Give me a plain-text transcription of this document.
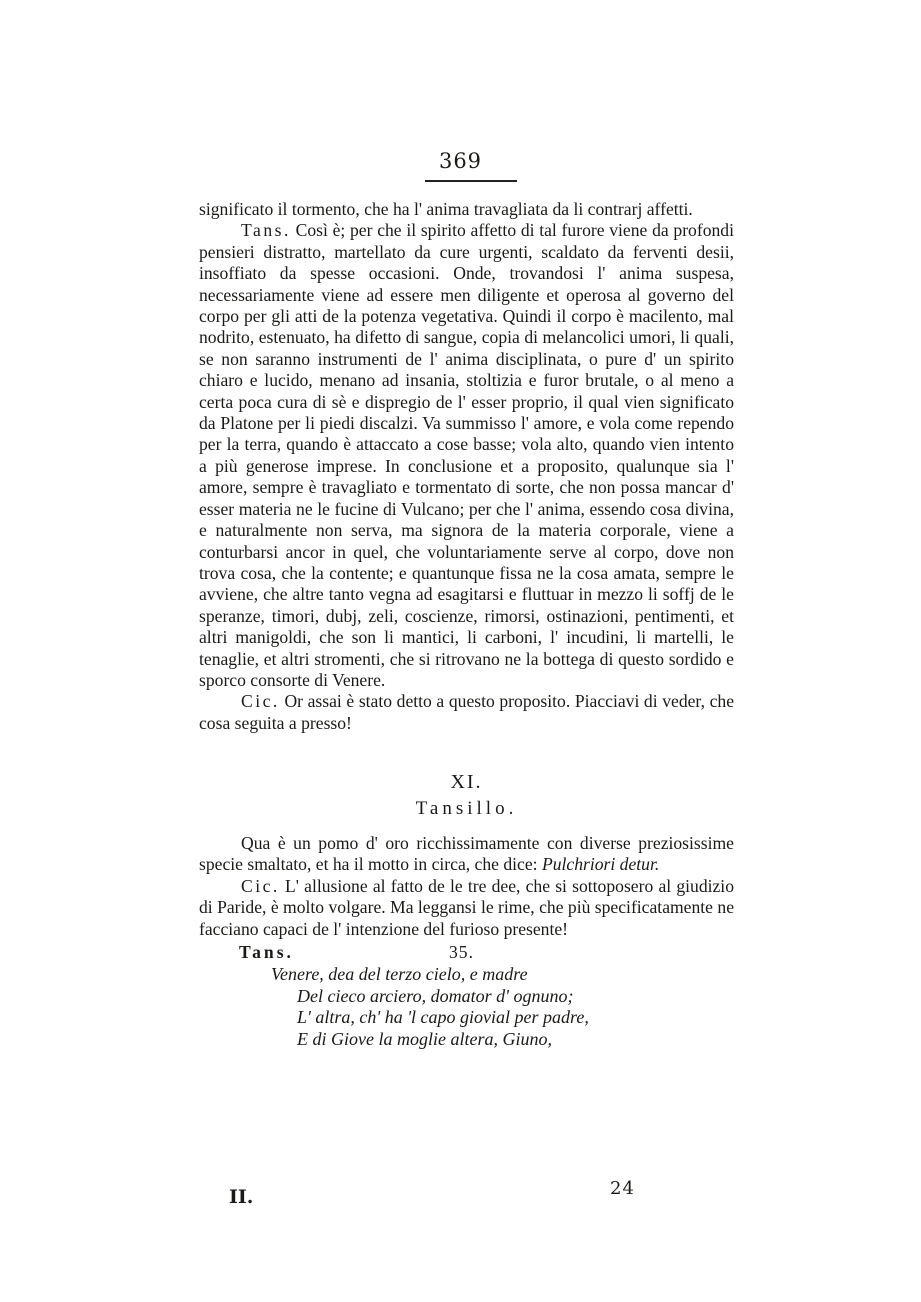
369

significato il tormento, che ha l' anima travagliata da li contrarj affetti.

Tans. Così è; per che il spirito affetto di tal furore viene da profondi pensieri distratto, martellato da cure urgenti, scaldato da ferventi desii, insoffiato da spesse occasioni. Onde, trovandosi l' anima suspesa, necessariamente viene ad essere men diligente et operosa al governo del corpo per gli atti de la potenza vegetativa. Quindi il corpo è macilento, mal nodrito, estenuato, ha difetto di sangue, copia di melancolici umori, li quali, se non saranno instrumenti de l' anima disciplinata, o pure d' un spirito chiaro e lucido, menano ad insania, stoltizia e furor brutale, o al meno a certa poca cura di sè e dispregio de l' esser proprio, il qual vien significato da Platone per li piedi discalzi. Va summisso l' amore, e vola come rependo per la terra, quando è attaccato a cose basse; vola alto, quando vien intento a più generose imprese. In conclusione et a proposito, qualunque sia l' amore, sempre è travagliato e tormentato di sorte, che non possa mancar d' esser materia ne le fucine di Vulcano; per che l' anima, essendo cosa divina, e naturalmente non serva, ma signora de la materia corporale, viene a conturbarsi ancor in quel, che voluntariamente serve al corpo, dove non trova cosa, che la contente; e quantunque fissa ne la cosa amata, sempre le avviene, che altre tanto vegna ad esagitarsi e fluttuar in mezzo li soffj de le speranze, timori, dubj, zeli, coscienze, rimorsi, ostinazioni, pentimenti, et altri manigoldi, che son li mantici, li carboni, l' incudini, li martelli, le tenaglie, et altri stromenti, che si ritrovano ne la bottega di questo sordido e sporco consorte di Venere.

Cic. Or assai è stato detto a questo proposito. Piacciavi di veder, che cosa seguita a presso!

XI.

Tansillo.

Qua è un pomo d' oro ricchissimamente con diverse preziosissime specie smaltato, et ha il motto in circa, che dice: Pulchriori detur.

Cic. L' allusione al fatto de le tre dee, che si sottoposero al giudizio di Paride, è molto volgare. Ma leggansi le rime, che più specificatamente ne facciano capaci de l' intenzione del furioso presente!

Tans.	35.

Venere, dea del terzo cielo, e madre

Del cieco arciero, domator d' ognuno;

L' altra, ch' ha 'l capo giovial per padre,

E di Giove la moglie altera, Giuno,

II.	24
